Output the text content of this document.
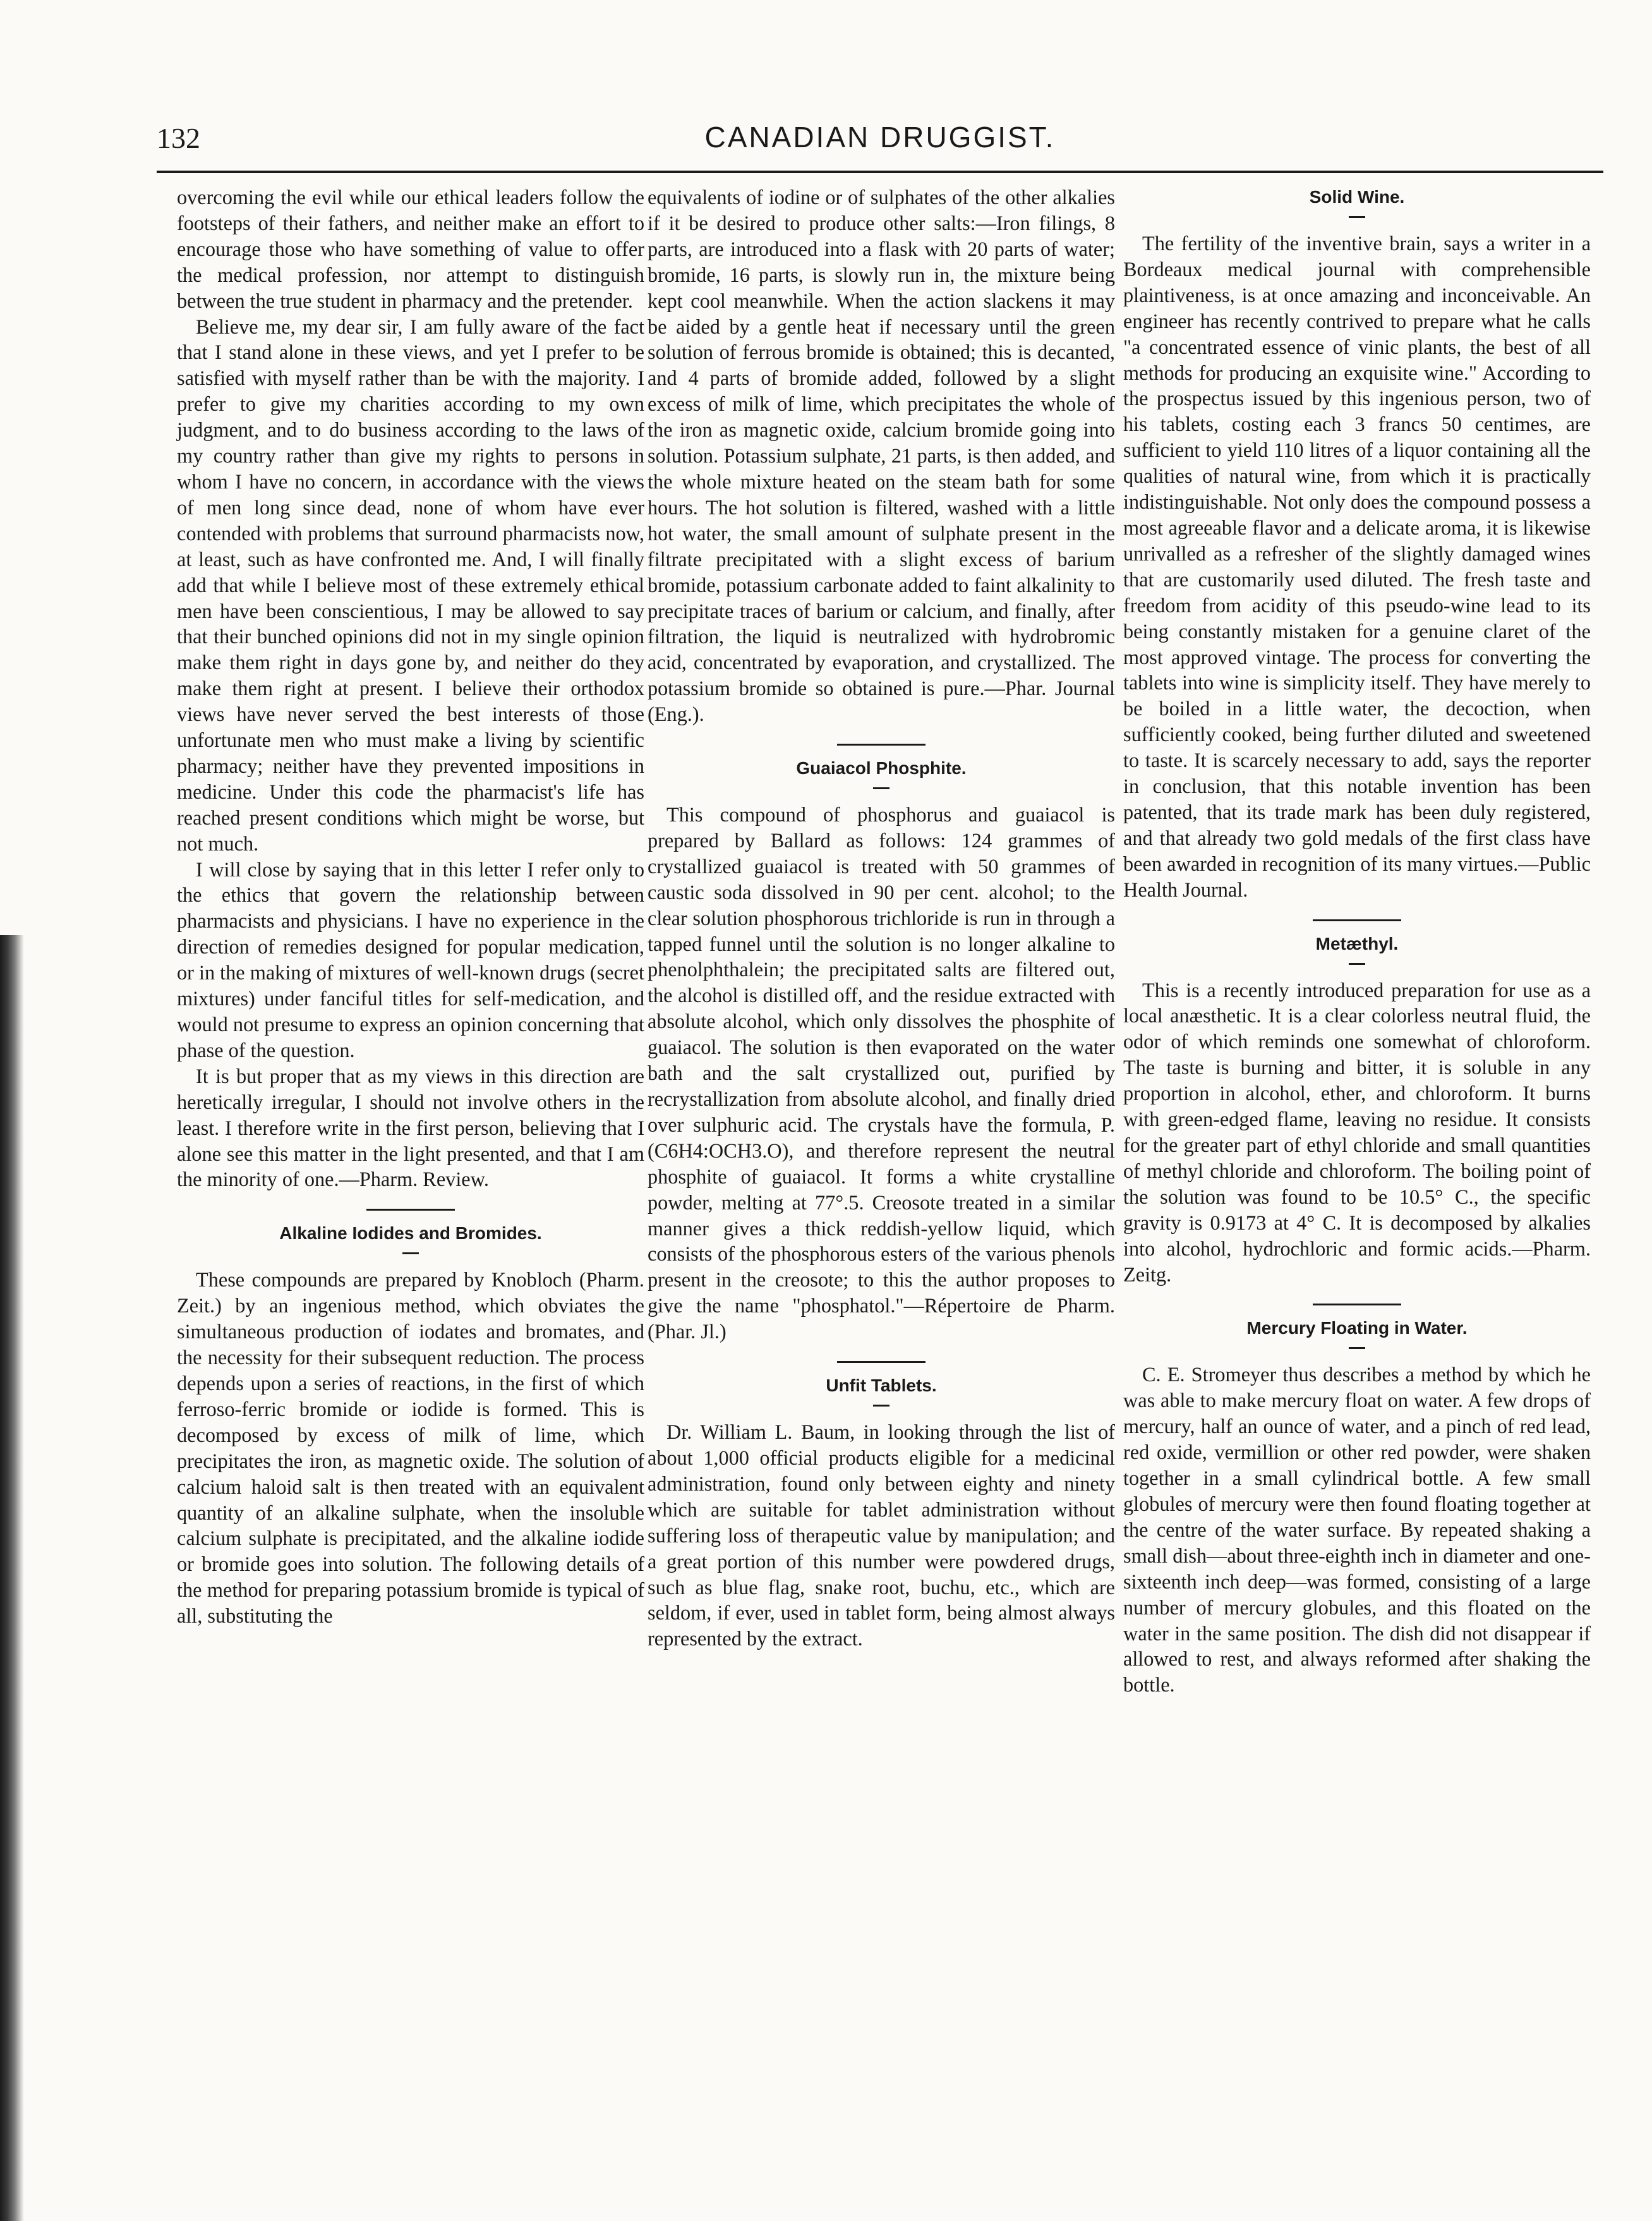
132	CANADIAN DRUGGIST.

overcoming the evil while our ethical leaders follow the footsteps of their fathers, and neither make an effort to encourage those who have something of value to offer the medical profession, nor attempt to distinguish between the true student in pharmacy and the pretender.

Believe me, my dear sir, I am fully aware of the fact that I stand alone in these views, and yet I prefer to be satisfied with myself rather than be with the majority. I prefer to give my charities according to my own judgment, and to do business according to the laws of my country rather than give my rights to persons in whom I have no concern, in accordance with the views of men long since dead, none of whom have ever contended with problems that surround pharmacists now, at least, such as have confronted me. And, I will finally add that while I believe most of these extremely ethical men have been conscientious, I may be allowed to say that their bunched opinions did not in my single opinion make them right in days gone by, and neither do they make them right at present. I believe their orthodox views have never served the best interests of those unfortunate men who must make a living by scientific pharmacy; neither have they prevented impositions in medicine. Under this code the pharmacist's life has reached present conditions which might be worse, but not much.

I will close by saying that in this letter I refer only to the ethics that govern the relationship between pharmacists and physicians. I have no experience in the direction of remedies designed for popular medication, or in the making of mixtures of well-known drugs (secret mixtures) under fanciful titles for self-medication, and would not presume to express an opinion concerning that phase of the question.

It is but proper that as my views in this direction are heretically irregular, I should not involve others in the least. I therefore write in the first person, believing that I alone see this matter in the light presented, and that I am the minority of one.—Pharm. Review.

Alkaline Iodides and Bromides.

These compounds are prepared by Knobloch (Pharm. Zeit.) by an ingenious method, which obviates the simultaneous production of iodates and bromates, and the necessity for their subsequent reduction. The process depends upon a series of reactions, in the first of which ferroso-ferric bromide or iodide is formed. This is decomposed by excess of milk of lime, which precipitates the iron, as magnetic oxide. The solution of calcium haloid salt is then treated with an equivalent quantity of an alkaline sulphate, when the insoluble calcium sulphate is precipitated, and the alkaline iodide or bromide goes into solution. The following details of the method for preparing potassium bromide is typical of all, substituting the

equivalents of iodine or of sulphates of the other alkalies if it be desired to produce other salts:—Iron filings, 8 parts, are introduced into a flask with 20 parts of water; bromide, 16 parts, is slowly run in, the mixture being kept cool meanwhile. When the action slackens it may be aided by a gentle heat if necessary until the green solution of ferrous bromide is obtained; this is decanted, and 4 parts of bromide added, followed by a slight excess of milk of lime, which precipitates the whole of the iron as magnetic oxide, calcium bromide going into solution. Potassium sulphate, 21 parts, is then added, and the whole mixture heated on the steam bath for some hours. The hot solution is filtered, washed with a little hot water, the small amount of sulphate present in the filtrate precipitated with a slight excess of barium bromide, potassium carbonate added to faint alkalinity to precipitate traces of barium or calcium, and finally, after filtration, the liquid is neutralized with hydrobromic acid, concentrated by evaporation, and crystallized. The potassium bromide so obtained is pure.—Phar. Journal (Eng.).

Guaiacol Phosphite.

This compound of phosphorus and guaiacol is prepared by Ballard as follows: 124 grammes of crystallized guaiacol is treated with 50 grammes of caustic soda dissolved in 90 per cent. alcohol; to the clear solution phosphorous trichloride is run in through a tapped funnel until the solution is no longer alkaline to phenolphthalein; the precipitated salts are filtered out, the alcohol is distilled off, and the residue extracted with absolute alcohol, which only dissolves the phosphite of guaiacol. The solution is then evaporated on the water bath and the salt crystallized out, purified by recrystallization from absolute alcohol, and finally dried over sulphuric acid. The crystals have the formula, P.(C6H4:OCH3.O), and therefore represent the neutral phosphite of guaiacol. It forms a white crystalline powder, melting at 77°.5. Creosote treated in a similar manner gives a thick reddish-yellow liquid, which consists of the phosphorous esters of the various phenols present in the creosote; to this the author proposes to give the name "phosphatol."—Répertoire de Pharm. (Phar. Jl.)

Unfit Tablets.

Dr. William L. Baum, in looking through the list of about 1,000 official products eligible for a medicinal administration, found only between eighty and ninety which are suitable for tablet administration without suffering loss of therapeutic value by manipulation; and a great portion of this number were powdered drugs, such as blue flag, snake root, buchu, etc., which are seldom, if ever, used in tablet form, being almost always represented by the extract.

Solid Wine.

The fertility of the inventive brain, says a writer in a Bordeaux medical journal with comprehensible plaintiveness, is at once amazing and inconceivable. An engineer has recently contrived to prepare what he calls "a concentrated essence of vinic plants, the best of all methods for producing an exquisite wine." According to the prospectus issued by this ingenious person, two of his tablets, costing each 3 francs 50 centimes, are sufficient to yield 110 litres of a liquor containing all the qualities of natural wine, from which it is practically indistinguishable. Not only does the compound possess a most agreeable flavor and a delicate aroma, it is likewise unrivalled as a refresher of the slightly damaged wines that are customarily used diluted. The fresh taste and freedom from acidity of this pseudo-wine lead to its being constantly mistaken for a genuine claret of the most approved vintage. The process for converting the tablets into wine is simplicity itself. They have merely to be boiled in a little water, the decoction, when sufficiently cooked, being further diluted and sweetened to taste. It is scarcely necessary to add, says the reporter in conclusion, that this notable invention has been patented, that its trade mark has been duly registered, and that already two gold medals of the first class have been awarded in recognition of its many virtues.—Public Health Journal.

Metæthyl.

This is a recently introduced preparation for use as a local anæsthetic. It is a clear colorless neutral fluid, the odor of which reminds one somewhat of chloroform. The taste is burning and bitter, it is soluble in any proportion in alcohol, ether, and chloroform. It burns with green-edged flame, leaving no residue. It consists for the greater part of ethyl chloride and small quantities of methyl chloride and chloroform. The boiling point of the solution was found to be 10.5° C., the specific gravity is 0.9173 at 4° C. It is decomposed by alkalies into alcohol, hydrochloric and formic acids.—Pharm. Zeitg.

Mercury Floating in Water.

C. E. Stromeyer thus describes a method by which he was able to make mercury float on water. A few drops of mercury, half an ounce of water, and a pinch of red lead, red oxide, vermillion or other red powder, were shaken together in a small cylindrical bottle. A few small globules of mercury were then found floating together at the centre of the water surface. By repeated shaking a small dish—about three-eighth inch in diameter and one-sixteenth inch deep—was formed, consisting of a large number of mercury globules, and this floated on the water in the same position. The dish did not disappear if allowed to rest, and always reformed after shaking the bottle.
